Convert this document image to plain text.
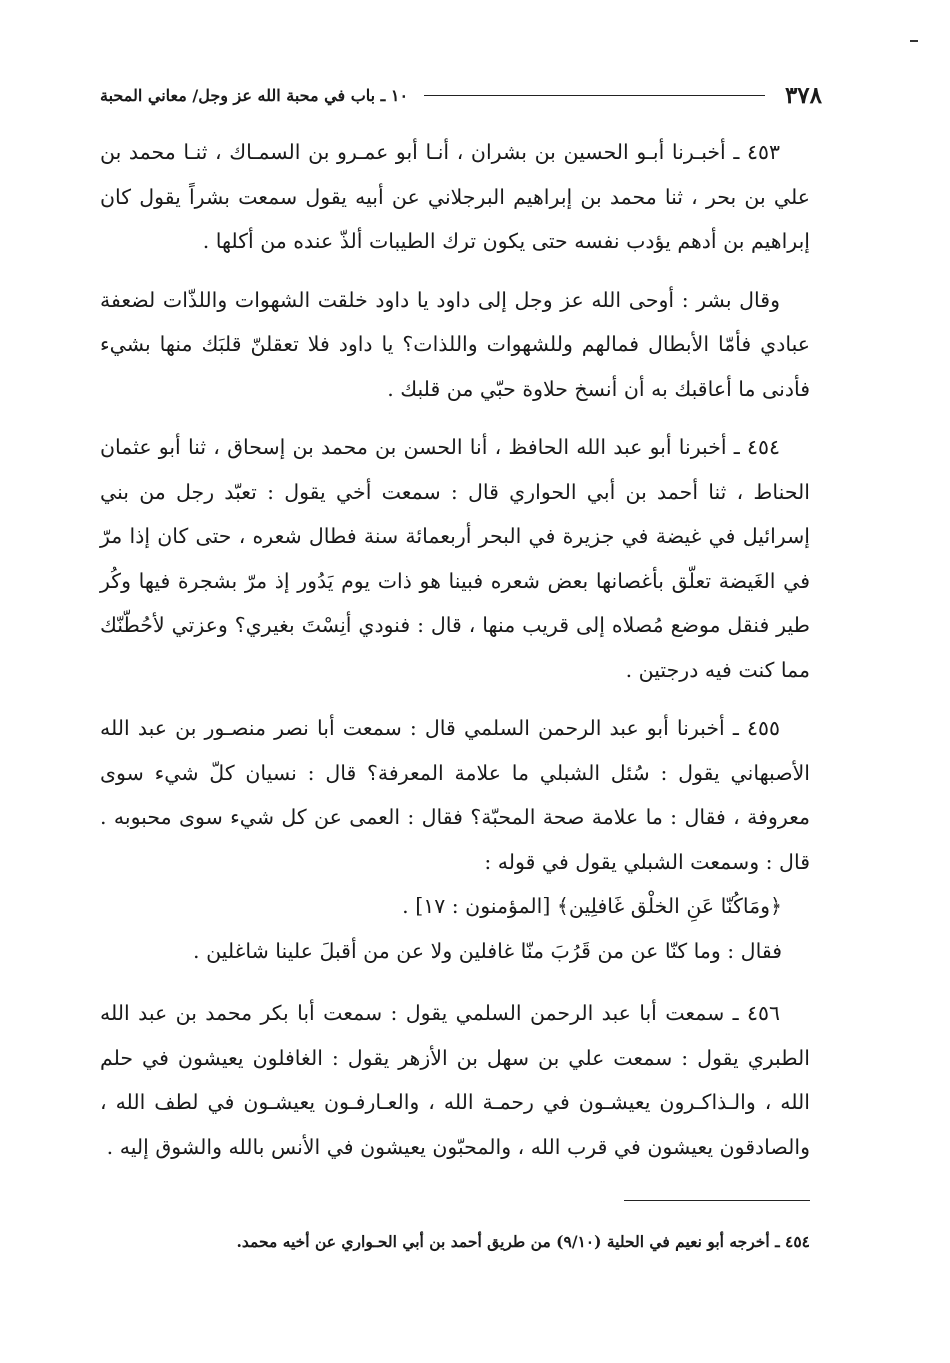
٣٧٨
١٠ ـ باب في محبة الله عز وجل/ معاني المحبة

٤٥٣ ـ أخبـرنا أبـو الحسين بن بشران ، أنـا أبو عمـرو بن السمـاك ، ثنـا محمد بن علي بن بحر ، ثنا محمد بن إبراهيم البرجلاني عن أبيه يقول سمعت بشراً يقول كان إبراهيم بن أدهم يؤدب نفسه حتى يكون ترك الطيبات ألذّ عنده من أكلها .

وقال بشر : أوحى الله عز وجل إلى داود يا داود خلقت الشهوات واللذّات لضعفة عبادي فأمّا الأبطال فمالهم وللشهوات واللذات؟ يا داود فلا تعقلنّ قلبَك منها بشيء فأدنى ما أعاقبك به أن أنسخ حلاوة حبّي من قلبك .

٤٥٤ ـ أخبرنا أبو عبد الله الحافظ ، أنا الحسن بن محمد بن إسحاق ، ثنا أبو عثمان الحناط ، ثنا أحمد بن أبي الحواري قال : سمعت أخي يقول : تعبّد رجل من بني إسرائيل في غيضة في جزيرة في البحر أربعمائة سنة فطال شعره ، حتى كان إذا مرّ في الغَيضة تعلّق بأغصانها بعض شعره فبينا هو ذات يوم يَدُور إذ مرّ بشجرة فيها وكُر طير فنقل موضع مُصلاه إلى قريب منها ، قال : فنودي أنِسْتَ بغيري؟ وعزتي لأحُطّنّك مما كنت فيه درجتين .

٤٥٥ ـ أخبرنا أبو عبد الرحمن السلمي قال : سمعت أبا نصر منصـور بن عبد الله الأصبهاني يقول : سُئل الشبلي ما علامة المعرفة؟ قال : نسيان كلّ شيء سوى معروفة ، فقال : ما علامة صحة المحبّة؟ فقال : العمى عن كل شيء سوى محبوبه . قال : وسمعت الشبلي يقول في قوله :

﴿ومَاكُنّا عَنِ الخلْق غَافلِين﴾ [المؤمنون : ١٧] .

فقال : وما كنّا عن من قَرُبَ منّا غافلين ولا عن من أقبلَ علينا شاغلين .

٤٥٦ ـ سمعت أبا عبد الرحمن السلمي يقول : سمعت أبا بكر محمد بن عبد الله الطبري يقول : سمعت علي بن سهل بن الأزهر يقول : الغافلون يعيشون في حلم الله ، والـذاكـرون يعيشـون في رحمـة الله ، والعـارفـون يعيشـون في لطف الله ، والصادقون يعيشون في قرب الله ، والمحبّون يعيشون في الأنس بالله والشوق إليه .

٤٥٤ ـ أخرجه أبو نعيم في الحلية (٩/١٠) من طريق أحمد بن أبي الحـواري عن أخيه محمد.
